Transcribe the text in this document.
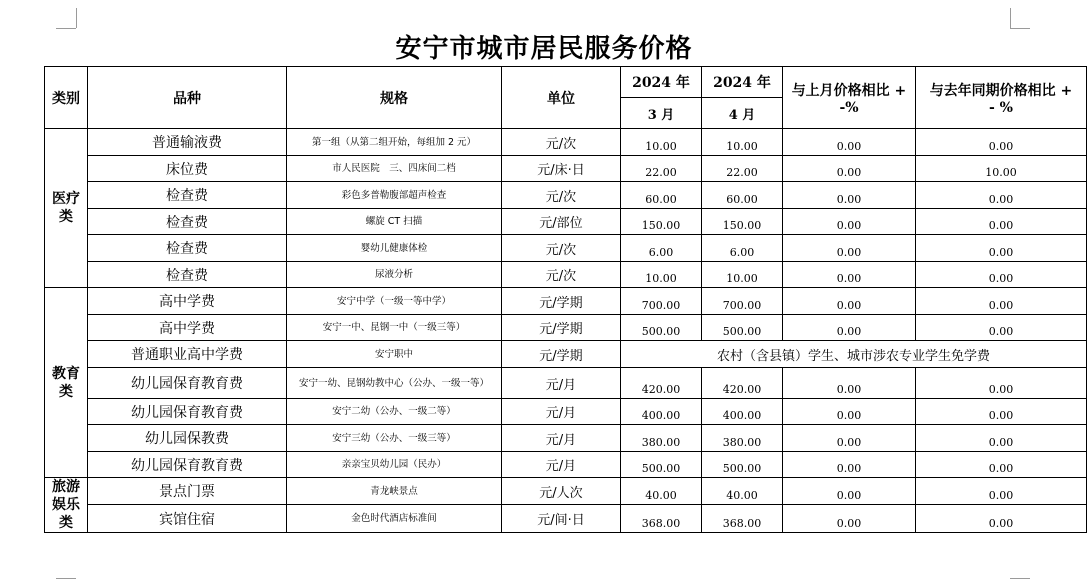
安宁市城市居民服务价格
类别	品种	规格	单位	2024 年	2024 年	与上月价格相比 + -%	与去年同期价格相比 + - %
				3 月	4 月		
医疗类	普通输液费	第一组（从第二组开始，每组加 2 元）	元/次	10.00	10.00	0.00	0.00
	床位费	市人民医院　三、四床间二档	元/床·日	22.00	22.00	0.00	10.00
	检查费	彩色多普勒腹部超声检查	元/次	60.00	60.00	0.00	0.00
	检查费	螺旋 CT 扫描	元/部位	150.00	150.00	0.00	0.00
	检查费	婴幼儿健康体检	元/次	6.00	6.00	0.00	0.00
	检查费	尿液分析	元/次	10.00	10.00	0.00	0.00
教育类	高中学费	安宁中学（一级一等中学）	元/学期	700.00	700.00	0.00	0.00
	高中学费	安宁一中、昆钢一中（一级三等）	元/学期	500.00	500.00	0.00	0.00
	普通职业高中学费	安宁职中	元/学期	农村（含县镇）学生、城市涉农专业学生免学费			
	幼儿园保育教育费	安宁一幼、昆钢幼教中心（公办、一级一等）	元/月	420.00	420.00	0.00	0.00
	幼儿园保育教育费	安宁二幼（公办、一级二等）	元/月	400.00	400.00	0.00	0.00
	幼儿园保教费	安宁三幼（公办、一级三等）	元/月	380.00	380.00	0.00	0.00
	幼儿园保育教育费	亲亲宝贝幼儿园（民办）	元/月	500.00	500.00	0.00	0.00
旅游娱乐类	景点门票	青龙峡景点	元/人次	40.00	40.00	0.00	0.00
	宾馆住宿	金色时代酒店标准间	元/间·日	368.00	368.00	0.00	0.00
